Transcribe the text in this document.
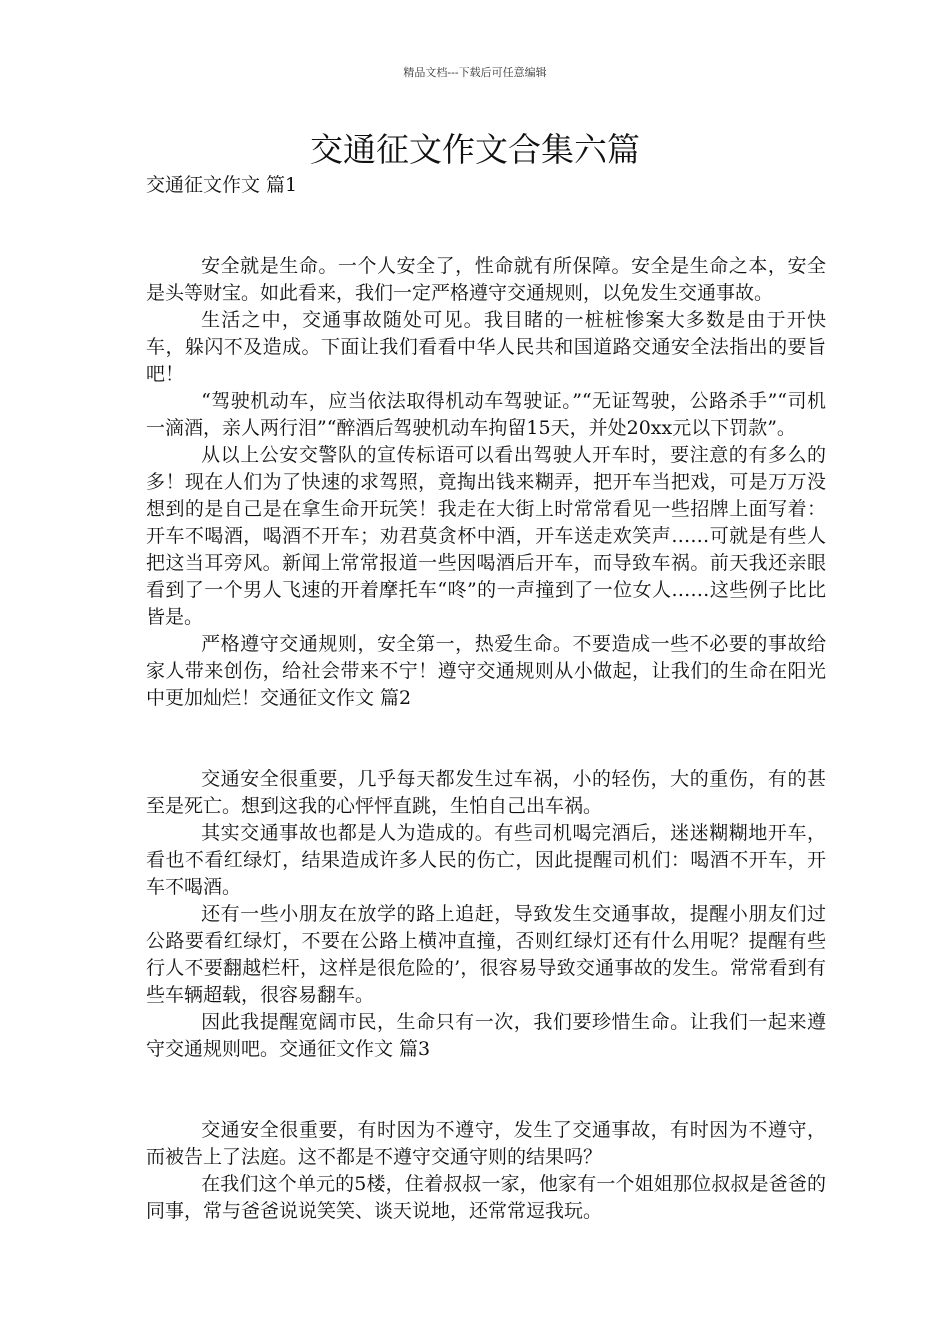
精品文档---下载后可任意编辑
交通征文作文合集六篇

交通征文作文 篇1

安全就是生命。一个人安全了，性命就有所保障。安全是生命之本，安全是头等财宝。如此看来，我们一定严格遵守交通规则，以免发生交通事故。

生活之中，交通事故随处可见。我目睹的一桩桩惨案大多数是由于开快车，躲闪不及造成。下面让我们看看中华人民共和国道路交通安全法指出的要旨吧！

“驾驶机动车，应当依法取得机动车驾驶证。”“无证驾驶，公路杀手”“司机一滴酒，亲人两行泪”“醉酒后驾驶机动车拘留15天，并处20xx元以下罚款”。

从以上公安交警队的宣传标语可以看出驾驶人开车时，要注意的有多么的多！现在人们为了快速的求驾照，竟掏出钱来糊弄，把开车当把戏，可是万万没想到的是自己是在拿生命开玩笑！我走在大街上时常常看见一些招牌上面写着：开车不喝酒，喝酒不开车；劝君莫贪杯中酒，开车送走欢笑声……可就是有些人把这当耳旁风。新闻上常常报道一些因喝酒后开车，而导致车祸。前天我还亲眼看到了一个男人飞速的开着摩托车“咚”的一声撞到了一位女人……这些例子比比皆是。

严格遵守交通规则，安全第一，热爱生命。不要造成一些不必要的事故给家人带来创伤，给社会带来不宁！遵守交通规则从小做起，让我们的生命在阳光中更加灿烂！交通征文作文 篇2

交通安全很重要，几乎每天都发生过车祸，小的轻伤，大的重伤，有的甚至是死亡。想到这我的心怦怦直跳，生怕自己出车祸。

其实交通事故也都是人为造成的。有些司机喝完酒后，迷迷糊糊地开车，看也不看红绿灯，结果造成许多人民的伤亡，因此提醒司机们：喝酒不开车，开车不喝酒。

还有一些小朋友在放学的路上追赶，导致发生交通事故，提醒小朋友们过公路要看红绿灯，不要在公路上横冲直撞，否则红绿灯还有什么用呢？提醒有些行人不要翻越栏杆，这样是很危险的’，很容易导致交通事故的发生。常常看到有些车辆超载，很容易翻车。

因此我提醒宽阔市民，生命只有一次，我们要珍惜生命。让我们一起来遵守交通规则吧。交通征文作文 篇3

交通安全很重要，有时因为不遵守，发生了交通事故，有时因为不遵守，而被告上了法庭。这不都是不遵守交通守则的结果吗？

在我们这个单元的5楼，住着叔叔一家，他家有一个姐姐那位叔叔是爸爸的同事，常与爸爸说说笑笑、谈天说地，还常常逗我玩。
